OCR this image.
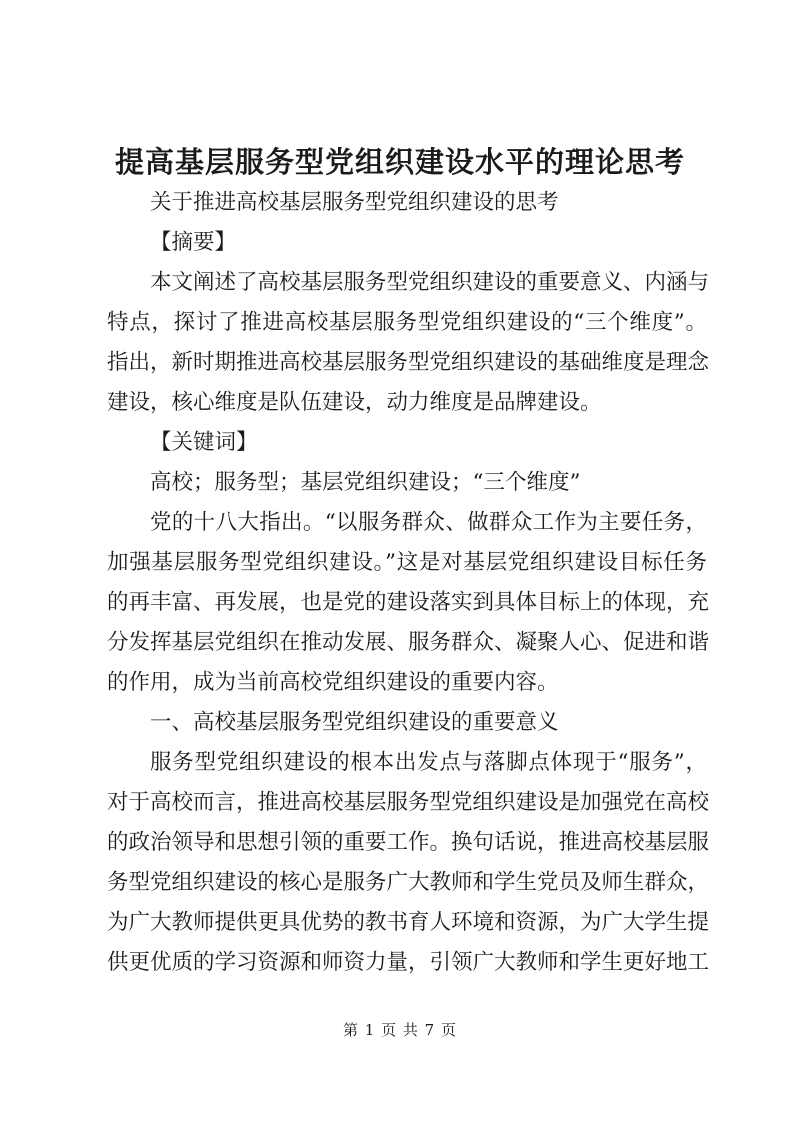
提高基层服务型党组织建设水平的理论思考

关于推进高校基层服务型党组织建设的思考

【摘要】

本文阐述了高校基层服务型党组织建设的重要意义、内涵与
特点，探讨了推进高校基层服务型党组织建设的“三个维度”。
指出，新时期推进高校基层服务型党组织建设的基础维度是理念
建设，核心维度是队伍建设，动力维度是品牌建设。

【关键词】

高校；服务型；基层党组织建设；“三个维度”

党的十八大指出。“以服务群众、做群众工作为主要任务，
加强基层服务型党组织建设。”这是对基层党组织建设目标任务
的再丰富、再发展，也是党的建设落实到具体目标上的体现，充
分发挥基层党组织在推动发展、服务群众、凝聚人心、促进和谐
的作用，成为当前高校党组织建设的重要内容。

一、高校基层服务型党组织建设的重要意义

服务型党组织建设的根本出发点与落脚点体现于“服务”，
对于高校而言，推进高校基层服务型党组织建设是加强党在高校
的政治领导和思想引领的重要工作。换句话说，推进高校基层服
务型党组织建设的核心是服务广大教师和学生党员及师生群众，
为广大教师提供更具优势的教书育人环境和资源，为广大学生提
供更优质的学习资源和师资力量，引领广大教师和学生更好地工

第 1 页 共 7 页
